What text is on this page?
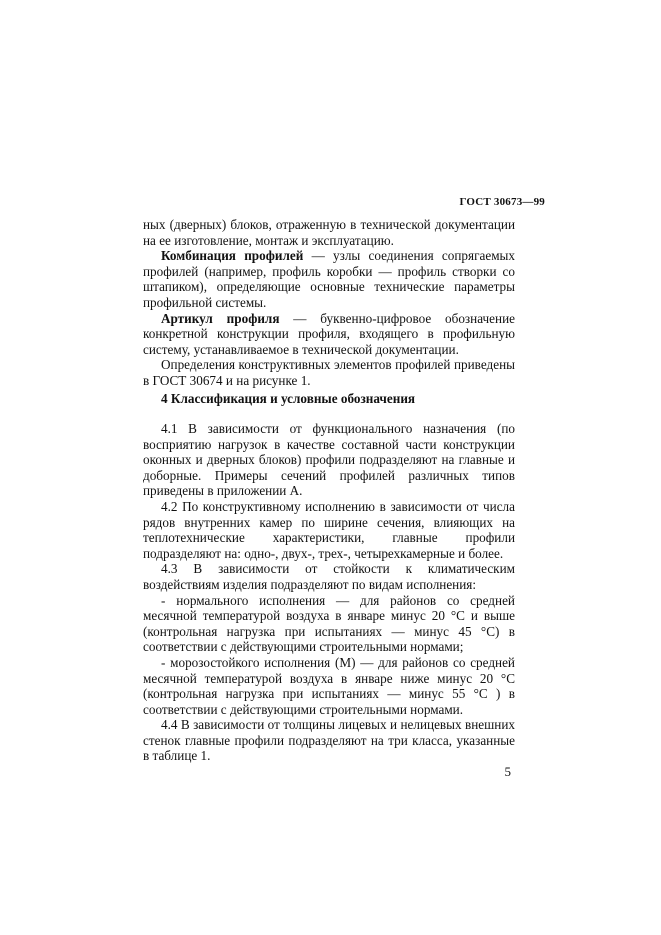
ГОСТ 30673—99

ных (дверных) блоков, отраженную в технической документации на ее изготовление, монтаж и эксплуатацию.

Комбинация профилей — узлы соединения сопрягаемых профилей (например, профиль коробки — профиль створки со штапиком), определяющие основные технические параметры профильной системы.

Артикул профиля — буквенно-цифровое обозначение конкретной конструкции профиля, входящего в профильную систему, устанавливаемое в технической документации.

Определения конструктивных элементов профилей приведены в ГОСТ 30674 и на рисунке 1.

4 Классификация и условные обозначения

4.1 В зависимости от функционального назначения (по восприятию нагрузок в качестве составной части конструкции оконных и дверных блоков) профили подразделяют на главные и доборные. Примеры сечений профилей различных типов приведены в приложении А.

4.2 По конструктивному исполнению в зависимости от числа рядов внутренних камер по ширине сечения, влияющих на теплотехнические характеристики, главные профили подразделяют на: одно-, двух-, трех-, четырехкамерные и более.

4.3 В зависимости от стойкости к климатическим воздействиям изделия подразделяют по видам исполнения:

- нормального исполнения — для районов со средней месячной температурой воздуха в январе минус 20 °С и выше (контрольная нагрузка при испытаниях — минус 45 °С) в соответствии с действующими строительными нормами;

- морозостойкого исполнения (М) — для районов со средней месячной температурой воздуха в январе ниже минус 20 °С (контрольная нагрузка при испытаниях — минус 55 °С ) в соответствии с действующими строительными нормами.

4.4 В зависимости от толщины лицевых и нелицевых внешних стенок главные профили подразделяют на три класса, указанные в таблице 1.

5
